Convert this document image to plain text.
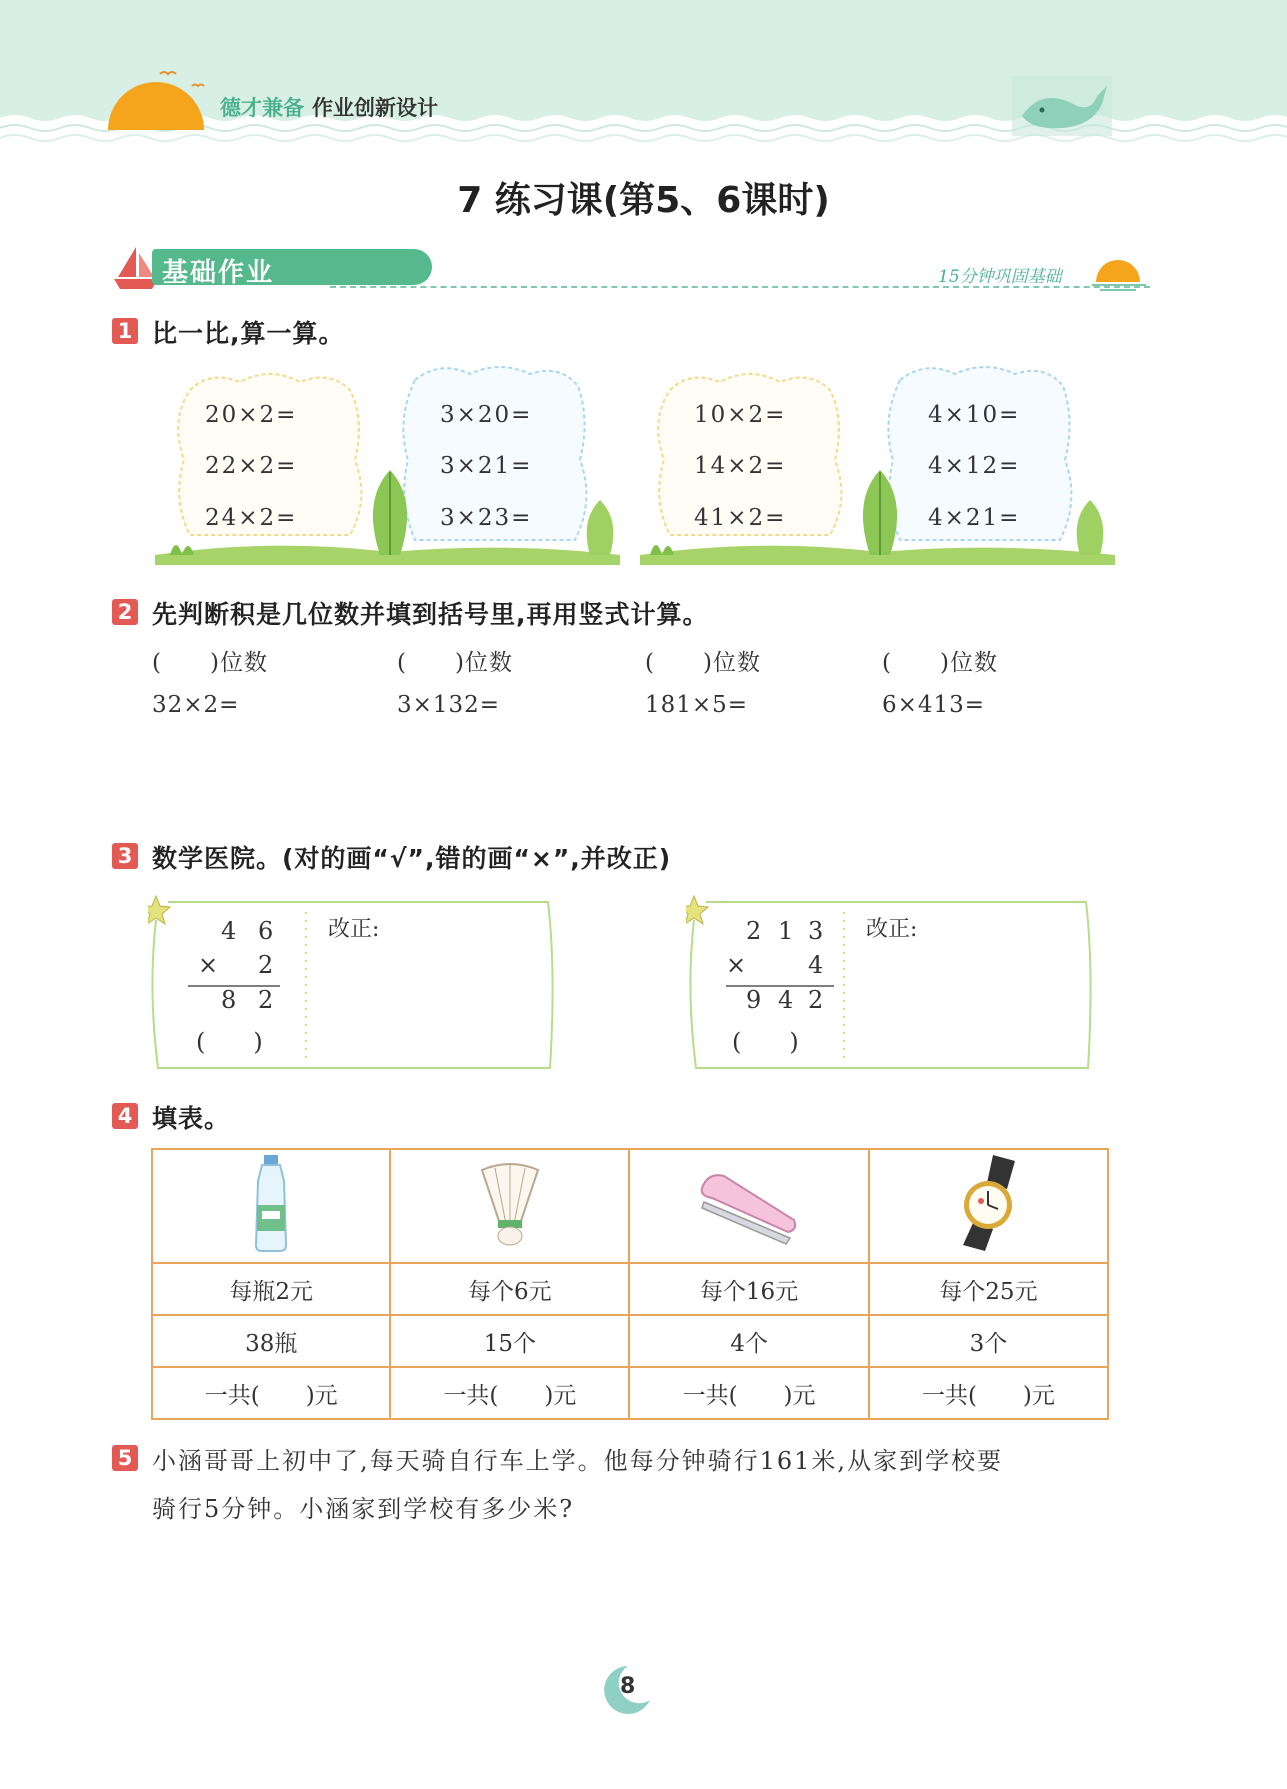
德才兼备 作业创新设计
7 练习课(第5、6课时)
基础作业	15分钟巩固基础
1 比一比,算一算。
20×2=
22×2=
24×2=
3×20=
3×21=
3×23=
10×2=
14×2=
41×2=
4×10=
4×12=
4×21=
2 先判断积是几位数并填到括号里,再用竖式计算。
(　　)位数	(　　)位数	(　　)位数	(　　)位数
32×2=	3×132=	181×5=	6×413=
3 数学医院。(对的画“√”,错的画“×”,并改正)
4 6
× 2
8 2
(　　)
改正:	2 1 3
×	4
9 4 2
(　　)
改正:
4 填表。

每瓶2元	每个6元	每个16元	每个25元
38瓶	15个	4个	3个
一共(　　)元	一共(　　)元	一共(　　)元	一共(　　)元
5 小涵哥哥上初中了,每天骑自行车上学。他每分钟骑行161米,从家到学校要
骑行5分钟。小涵家到学校有多少米?
8
